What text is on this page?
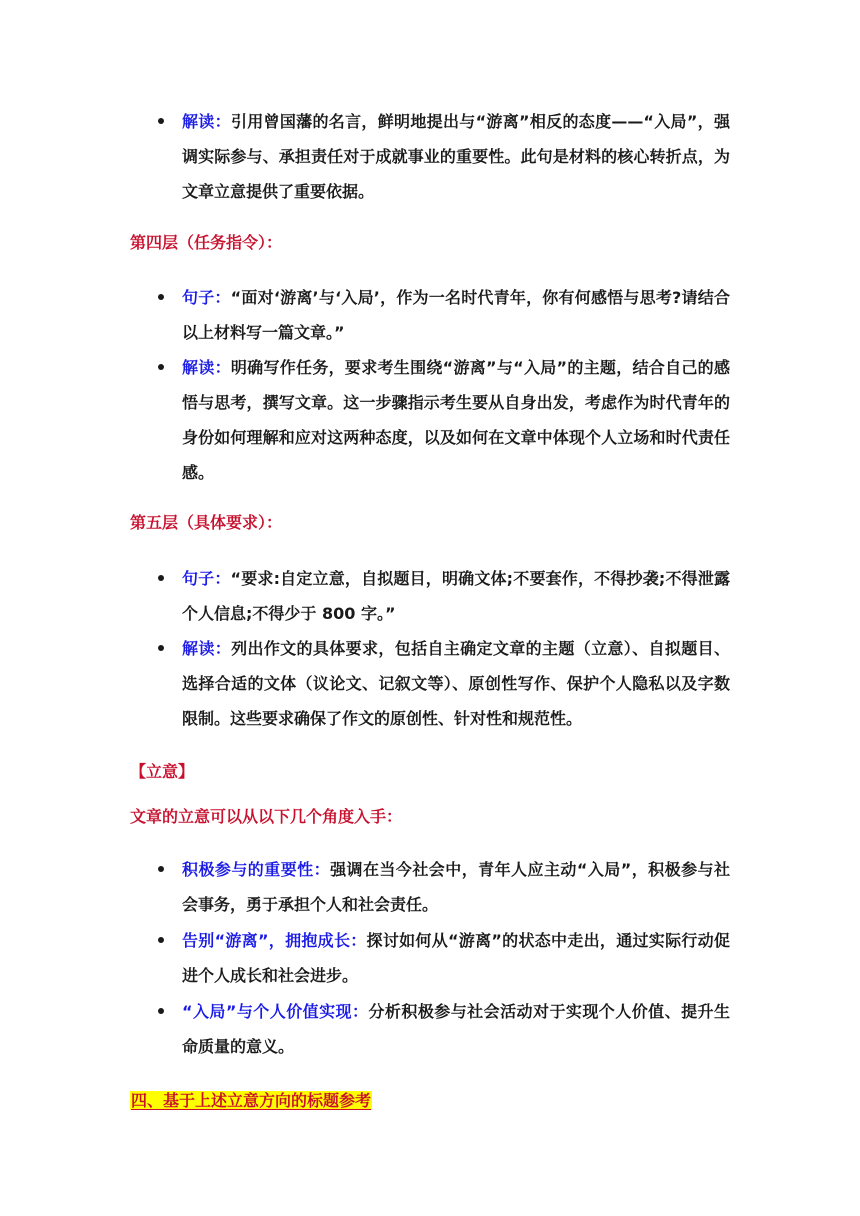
解读：引用曾国藩的名言，鲜明地提出与“游离”相反的态度——“入局”，强调实际参与、承担责任对于成就事业的重要性。此句是材料的核心转折点，为文章立意提供了重要依据。
第四层（任务指令）：
句子：“面对‘游离’与‘入局’，作为一名时代青年，你有何感悟与思考?请结合以上材料写一篇文章。”
解读：明确写作任务，要求考生围绕“游离”与“入局”的主题，结合自己的感悟与思考，撰写文章。这一步骤指示考生要从自身出发，考虑作为时代青年的身份如何理解和应对这两种态度，以及如何在文章中体现个人立场和时代责任感。
第五层（具体要求）：
句子：“要求:自定立意，自拟题目，明确文体;不要套作，不得抄袭;不得泄露个人信息;不得少于 800 字。”
解读：列出作文的具体要求，包括自主确定文章的主题（立意）、自拟题目、选择合适的文体（议论文、记叙文等）、原创性写作、保护个人隐私以及字数限制。这些要求确保了作文的原创性、针对性和规范性。
【立意】
文章的立意可以从以下几个角度入手：
积极参与的重要性：强调在当今社会中，青年人应主动“入局”，积极参与社会事务，勇于承担个人和社会责任。
告别“游离”，拥抱成长：探讨如何从“游离”的状态中走出，通过实际行动促进个人成长和社会进步。
“入局”与个人价值实现：分析积极参与社会活动对于实现个人价值、提升生命质量的意义。
四、基于上述立意方向的标题参考
